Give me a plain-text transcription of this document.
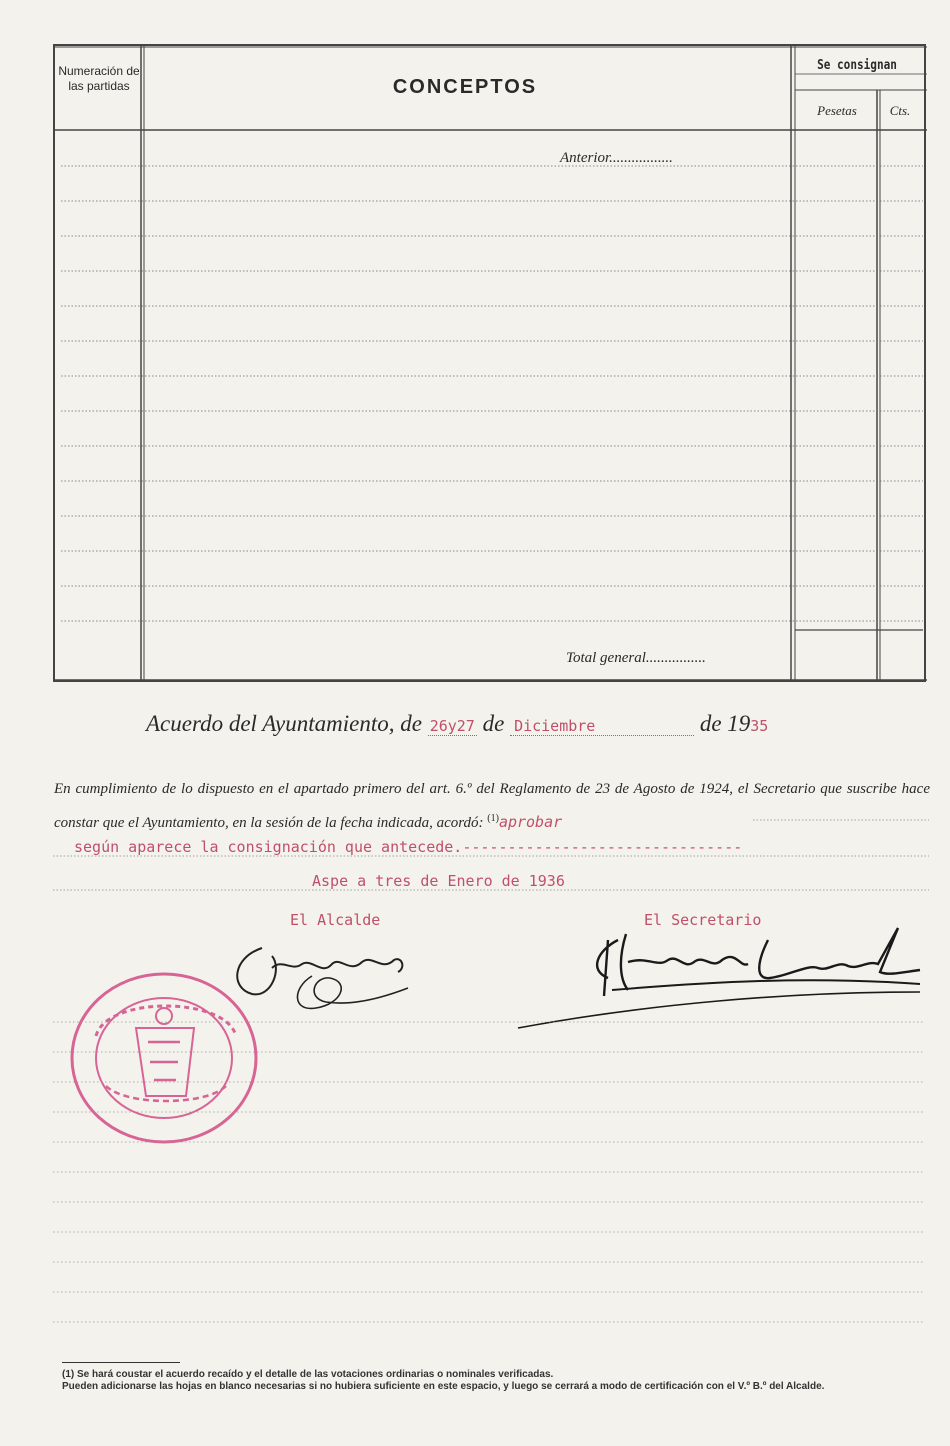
Numeración de las partidas	CONCEPTOS
Se consignan
Pesetas	Cts.
Anterior.................
Total general................
Acuerdo del Ayuntamiento, de 26y27 de Diciembre	de 1935
En cumplimiento de lo dispuesto en el apartado primero del art. 6.º del Reglamento de 23 de Agosto de 1924, el Secretario que suscribe hace constar que el Ayuntamiento, en la sesión de la fecha indicada, acordó: $^{(1)}$aprobar
según aparece la consignación que antecede.-------------------------------
Aspe a tres de Enero de 1936
El Alcalde	El Secretario
(1) Se hará coustar el acuerdo recaído y el detalle de las votaciones ordinarias o nominales verificadas.
Pueden adicionarse las hojas en blanco necesarias si no hubiera suficiente en este espacio, y luego se cerrará a modo de certificación con el V.º B.º del Alcalde.
